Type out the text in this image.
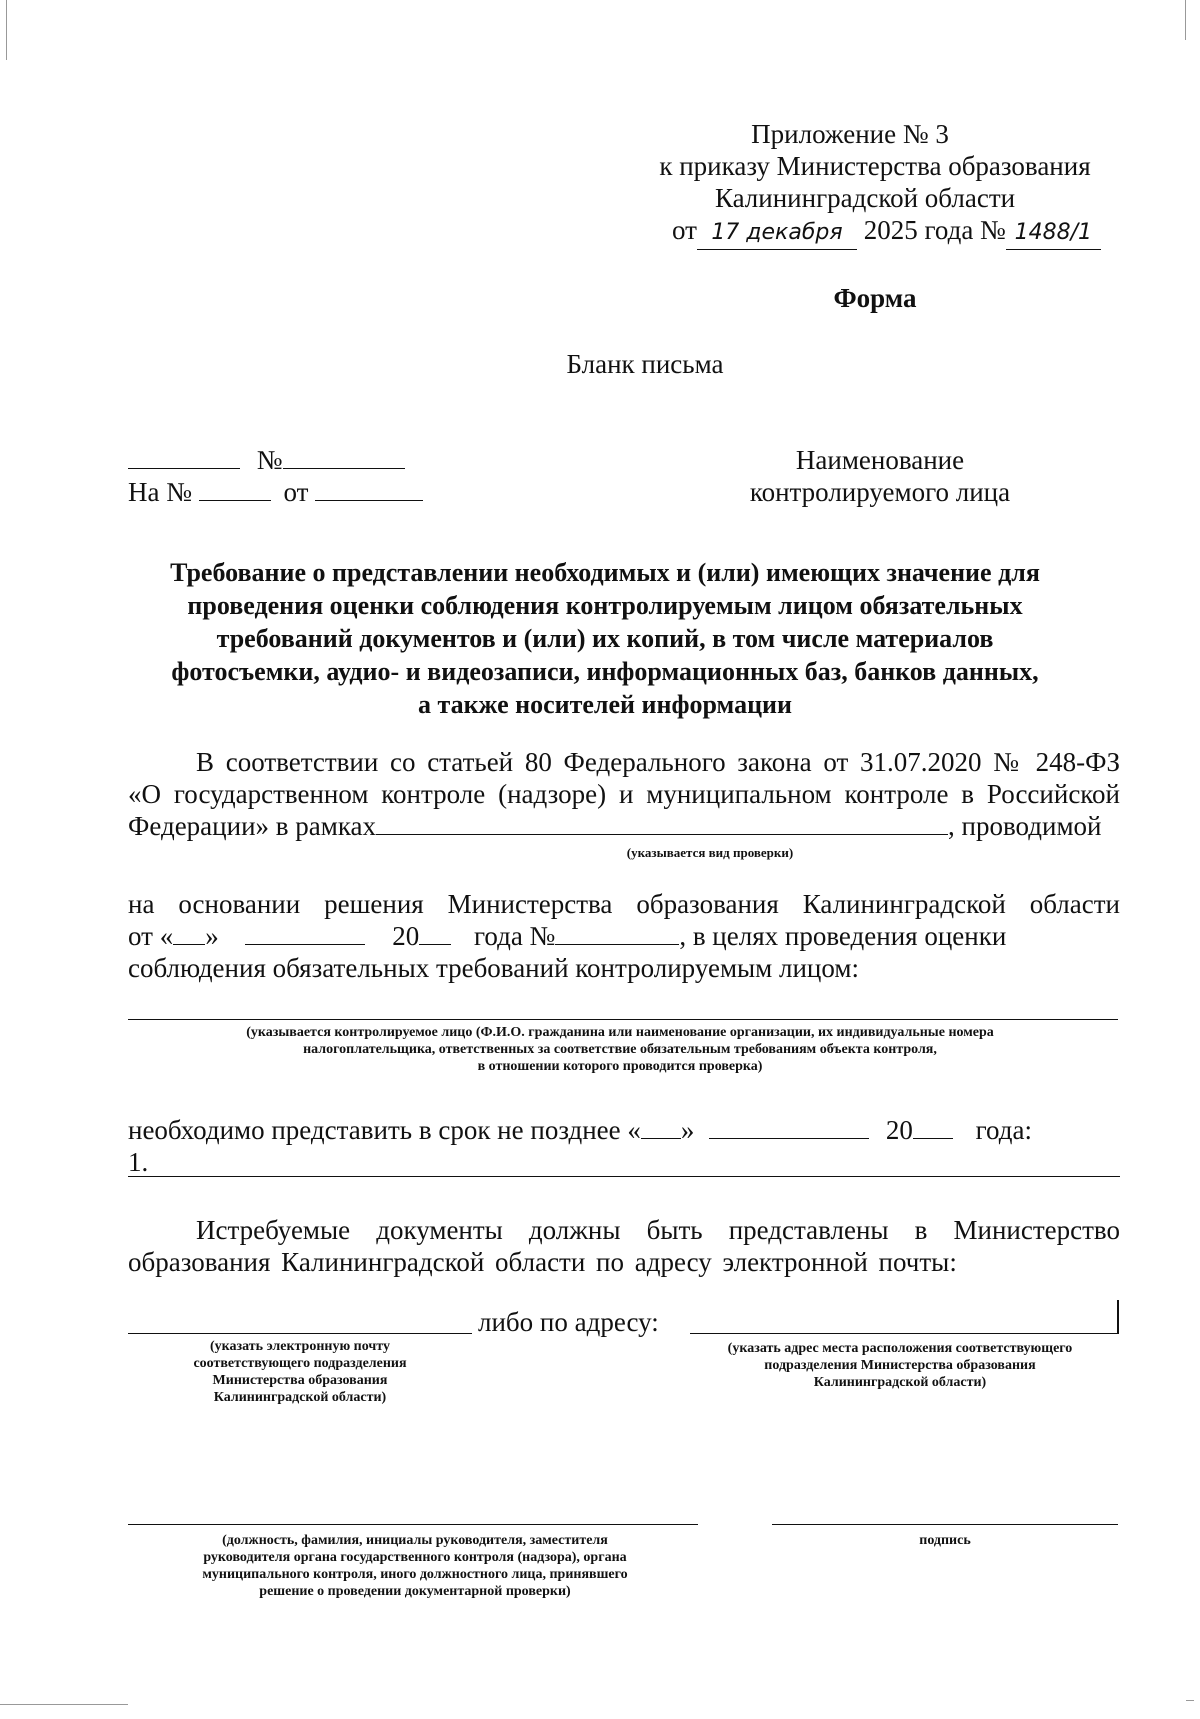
Приложение № 3
к приказу Министерства образования
Калининградской области
от 17 декабря 2025 года № 1488/1
Форма
Бланк письма
№
На №	от
Наименование
контролируемого лица
Требование о представлении необходимых и (или) имеющих значение для
проведения оценки соблюдения контролируемым лицом обязательных
требований документов и (или) их копий, в том числе материалов
фотосъемки, аудио- и видеозаписи, информационных баз, банков данных,
а также носителей информации
В соответствии со статьей 80 Федерального закона от 31.07.2020 № 248-ФЗ
«О государственном контроле (надзоре) и муниципальном контроле в Российской
Федерации» в рамках	, проводимой
(указывается вид проверки)
на основании решения Министерства образования Калининградской области
от « »	20 года №	, в целях проведения оценки
соблюдения обязательных требований контролируемым лицом:
(указывается контролируемое лицо (Ф.И.О. гражданина или наименование организации, их индивидуальные номера
налогоплательщика, ответственных за соответствие обязательным требованиям объекта контроля,
в отношении которого проводится проверка)
необходимо представить в срок не позднее « »	20 года:
1.
Истребуемые документы должны быть представлены в Министерство
образования Калининградской области по адресу электронной почты:
либо по адресу:
(указать электронную почту
соответствующего подразделения
Министерства образования
Калининградской области)
(указать адрес места расположения соответствующего
подразделения Министерства образования
Калининградской области)
(должность, фамилия, инициалы руководителя, заместителя
руководителя органа государственного контроля (надзора), органа
муниципального контроля, иного должностного лица, принявшего
решение о проведении документарной проверки)
подпись
